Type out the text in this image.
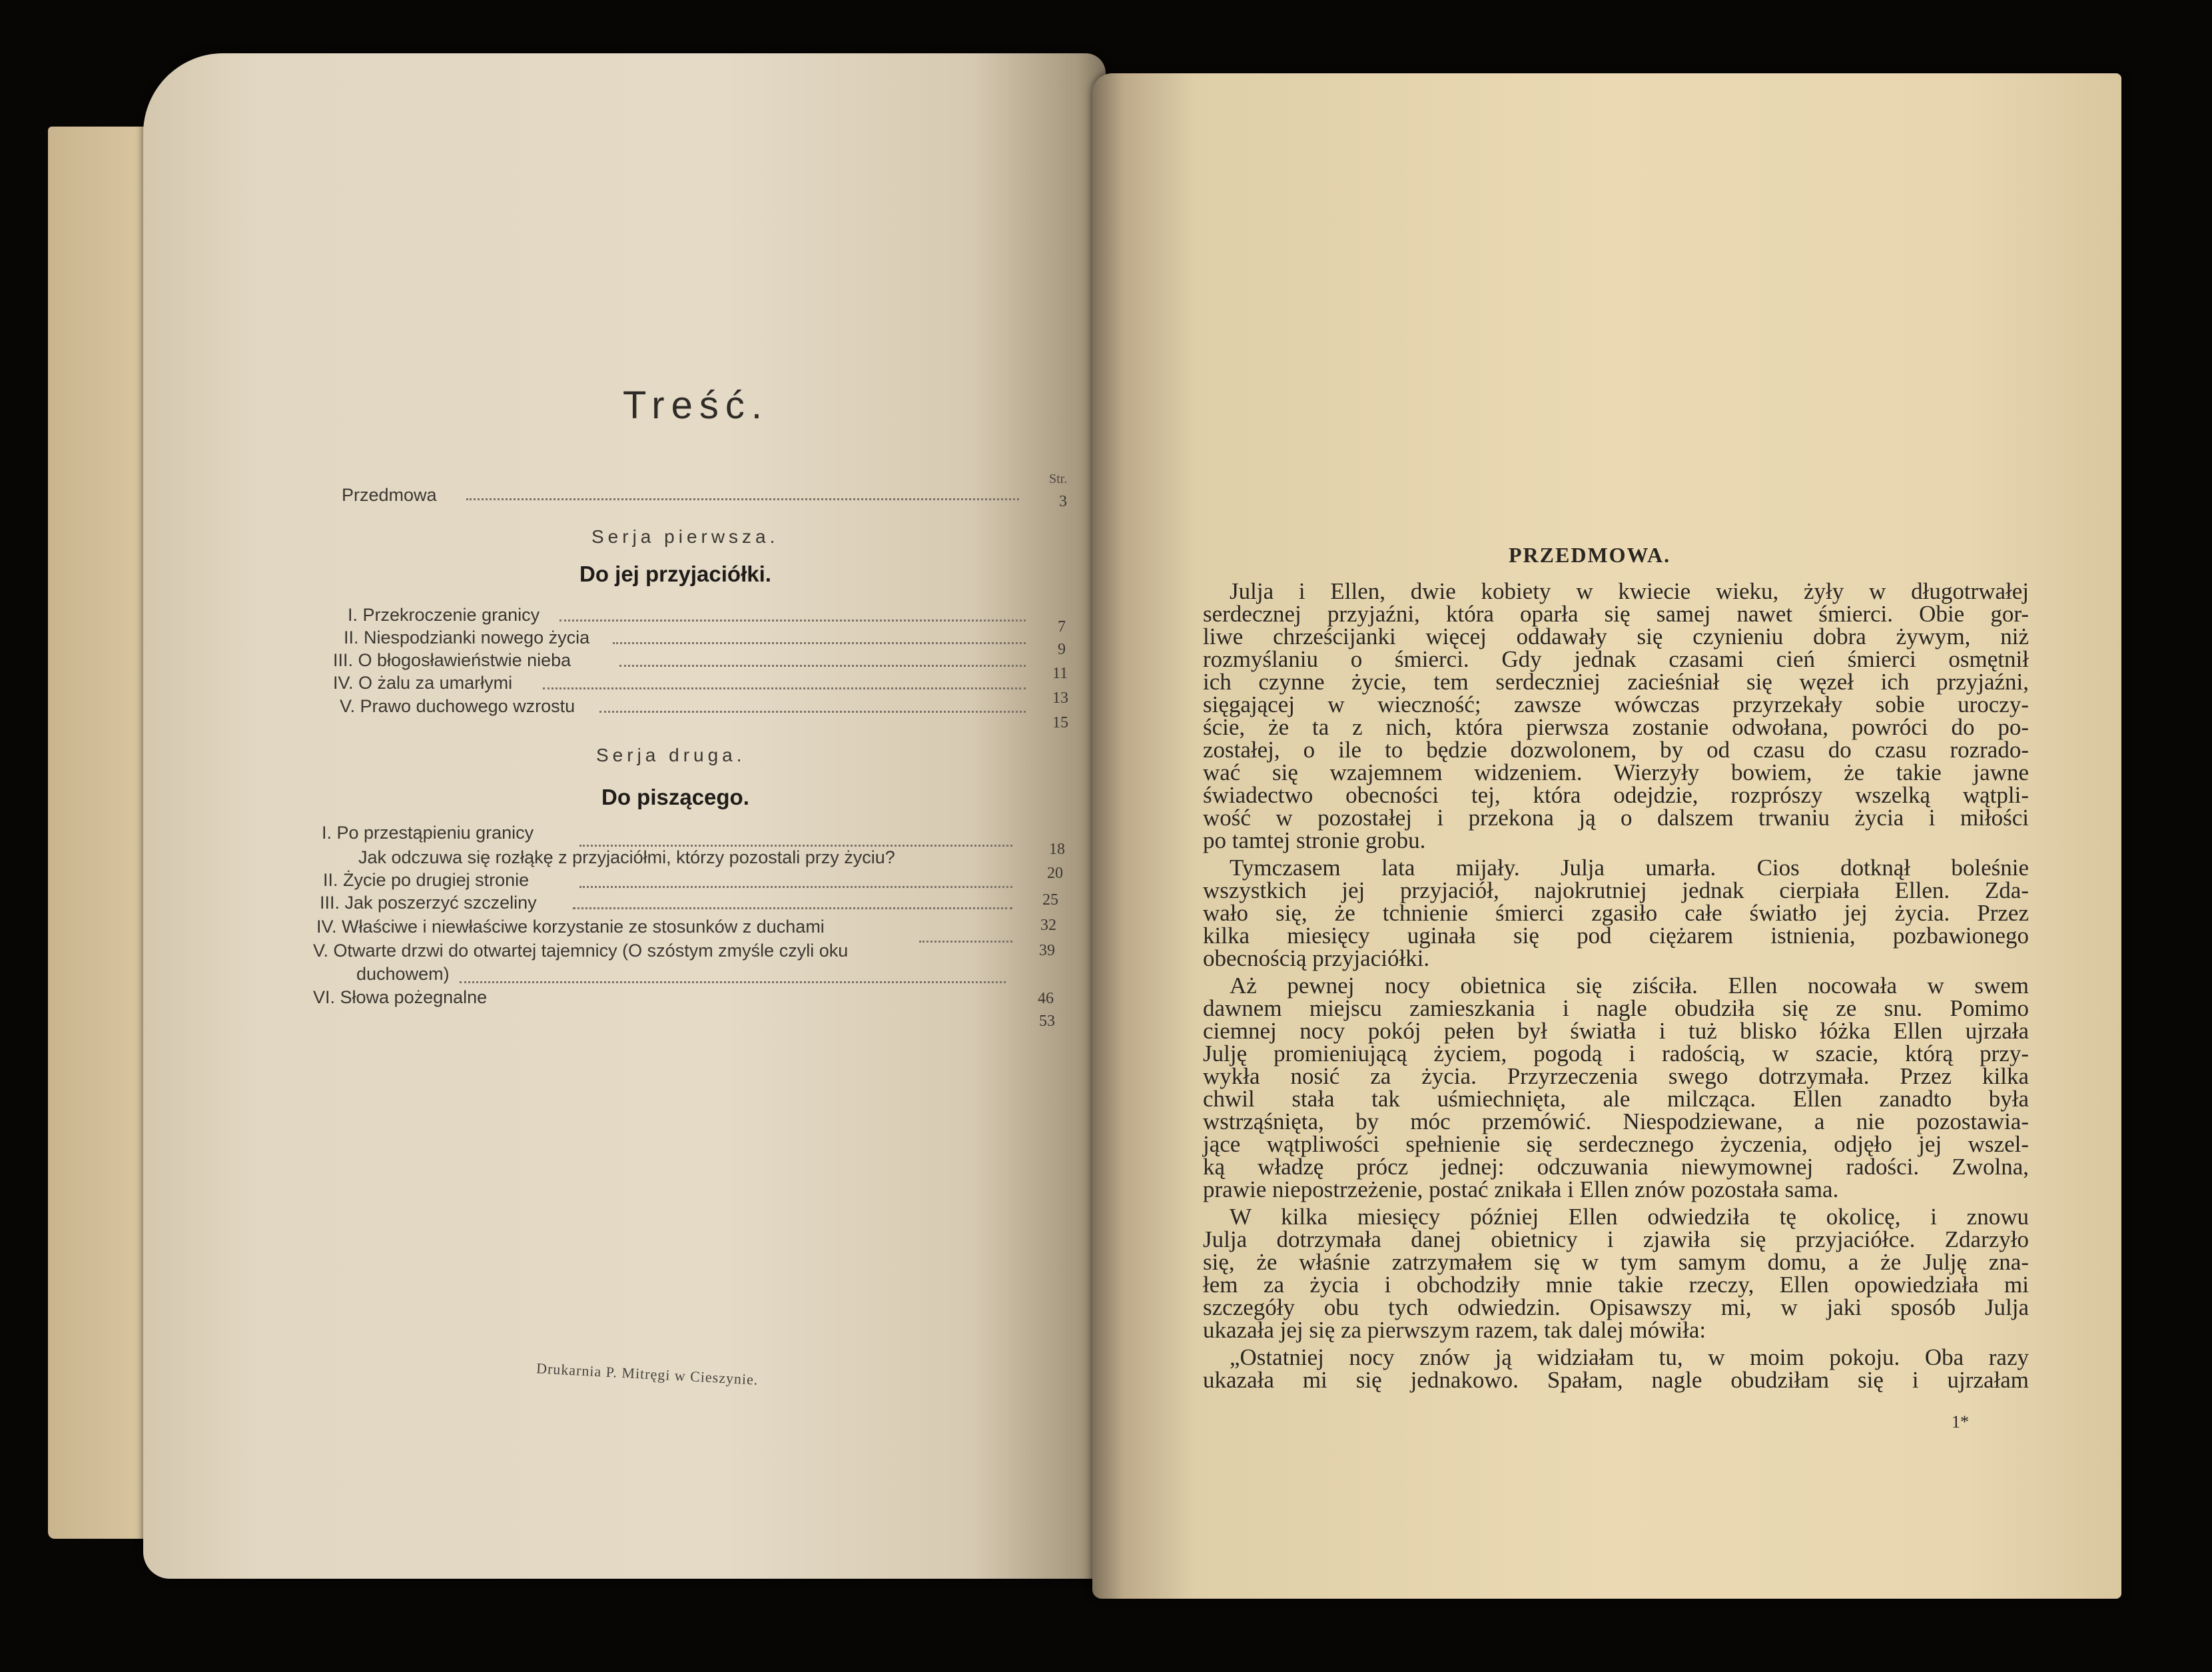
Treść.
Str.
Przedmowa	3
Serja pierwsza.
Do jej przyjaciółki.
I. Przekroczenie granicy
7
II. Niespodzianki nowego życia
9
III. O błogosławieństwie nieba
11
IV. O żalu za umarłymi
13
V. Prawo duchowego wzrostu
15
Serja druga.
Do piszącego.
I. Po przestąpieniu granicy
18
Jak odczuwa się rozłąkę z przyjaciółmi, którzy pozostali przy życiu?
20
II. Życie po drugiej stronie
25
III. Jak poszerzyć szczeliny
32
IV. Właściwe i niewłaściwe korzystanie ze stosunków z duchami
39
V. Otwarte drzwi do otwartej tajemnicy (O szóstym zmyśle czyli oku
duchowem)
46
VI. Słowa pożegnalne
53
Drukarnia P. Mitręgi w Cieszynie.
PRZEDMOWA.
Julja i Ellen, dwie kobiety w kwiecie wieku, żyły w długotrwałej
serdecznej przyjaźni, która oparła się samej nawet śmierci. Obie gor-
liwe chrześcijanki więcej oddawały się czynieniu dobra żywym, niż
rozmyślaniu o śmierci. Gdy jednak czasami cień śmierci osmętnił
ich czynne życie, tem serdeczniej zacieśniał się węzeł ich przyjaźni,
sięgającej w wieczność; zawsze wówczas przyrzekały sobie uroczy-
ście, że ta z nich, która pierwsza zostanie odwołana, powróci do po-
zostałej, o ile to będzie dozwolonem, by od czasu do czasu rozrado-
wać się wzajemnem widzeniem. Wierzyły bowiem, że takie jawne
świadectwo obecności tej, która odejdzie, rozprószy wszelką wątpli-
wość w pozostałej i przekona ją o dalszem trwaniu życia i miłości
po tamtej stronie grobu.
Tymczasem lata mijały. Julja umarła. Cios dotknął boleśnie
wszystkich jej przyjaciół, najokrutniej jednak cierpiała Ellen. Zda-
wało się, że tchnienie śmierci zgasiło całe światło jej życia. Przez
kilka miesięcy uginała się pod ciężarem istnienia, pozbawionego
obecnością przyjaciółki.
Aż pewnej nocy obietnica się ziściła. Ellen nocowała w swem
dawnem miejscu zamieszkania i nagle obudziła się ze snu. Pomimo
ciemnej nocy pokój pełen był światła i tuż blisko łóżka Ellen ujrzała
Julję promieniującą życiem, pogodą i radością, w szacie, którą przy-
wykła nosić za życia. Przyrzeczenia swego dotrzymała. Przez kilka
chwil stała tak uśmiechnięta, ale milcząca. Ellen zanadto była
wstrząśnięta, by móc przemówić. Niespodziewane, a nie pozostawia-
jące wątpliwości spełnienie się serdecznego życzenia, odjęło jej wszel-
ką władzę prócz jednej: odczuwania niewymownej radości. Zwolna,
prawie niepostrzeżenie, postać znikała i Ellen znów pozostała sama.
W kilka miesięcy później Ellen odwiedziła tę okolicę, i znowu
Julja dotrzymała danej obietnicy i zjawiła się przyjaciółce. Zdarzyło
się, że właśnie zatrzymałem się w tym samym domu, a że Julję zna-
łem za życia i obchodziły mnie takie rzeczy, Ellen opowiedziała mi
szczegóły obu tych odwiedzin. Opisawszy mi, w jaki sposób Julja
ukazała jej się za pierwszym razem, tak dalej mówiła:
„Ostatniej nocy znów ją widziałam tu, w moim pokoju. Oba razy
ukazała mi się jednakowo. Spałam, nagle obudziłam się i ujrzałam
1*
